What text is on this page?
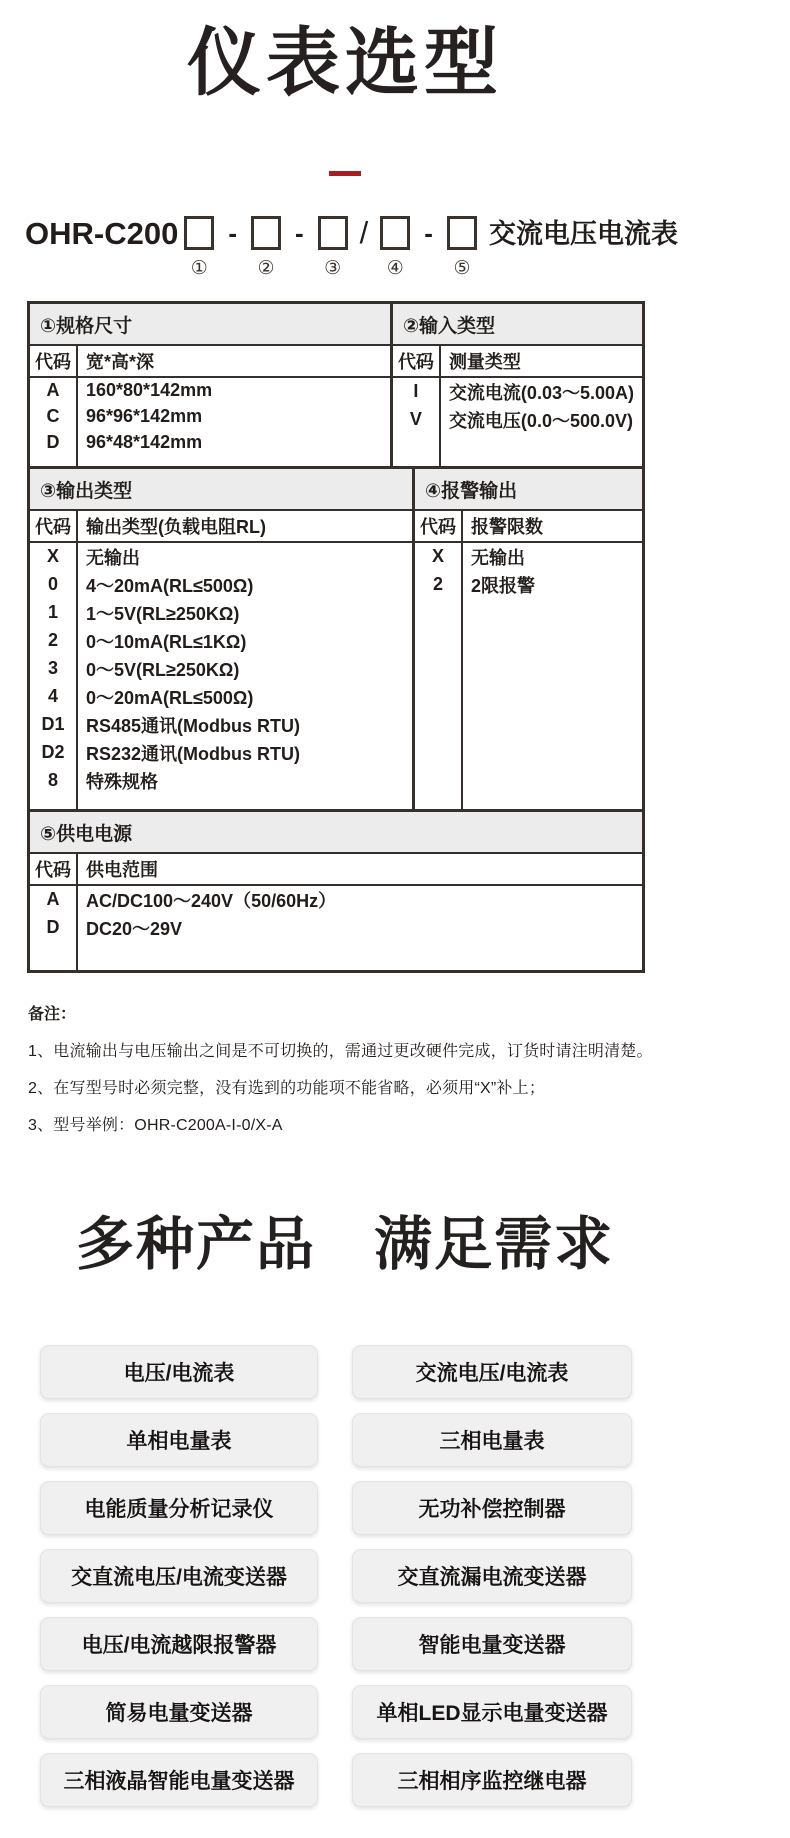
仪表选型
OHR-C200
①
-
②
-
③
/
④
-
⑤
交流电压电流表
①规格尺寸
代码 宽*高*深
A	160*80*142mm
C	96*96*142mm
D	96*48*142mm
②输入类型
代码 测量类型
I	交流电流(0.03～5.00A)
V	交流电压(0.0～500.0V)
③输出类型
代码 输出类型(负载电阻RL)
X	无输出
0	4～20mA(RL≤500Ω)
1	1～5V(RL≥250KΩ)
2	0～10mA(RL≤1KΩ)
3	0～5V(RL≥250KΩ)
4	0～20mA(RL≤500Ω)
D1	RS485通讯(Modbus RTU)
D2	RS232通讯(Modbus RTU)
8	特殊规格
④报警输出
代码 报警限数
X	无输出
2	2限报警
⑤供电电源
代码 供电范围
A	AC/DC100～240V（50/60Hz）
D	DC20～29V
备注：
1、电流输出与电压输出之间是不可切换的，需通过更改硬件完成，订货时请注明清楚。
2、在写型号时必须完整，没有选到的功能项不能省略，必须用“X”补上；
3、型号举例：OHR-C200A-I-0/X-A
多种产品 满足需求
电压/电流表	交流电压/电流表
单相电量表	三相电量表
电能质量分析记录仪	无功补偿控制器
交直流电压/电流变送器	交直流漏电流变送器
电压/电流越限报警器	智能电量变送器
简易电量变送器	单相LED显示电量变送器
三相液晶智能电量变送器	三相相序监控继电器
